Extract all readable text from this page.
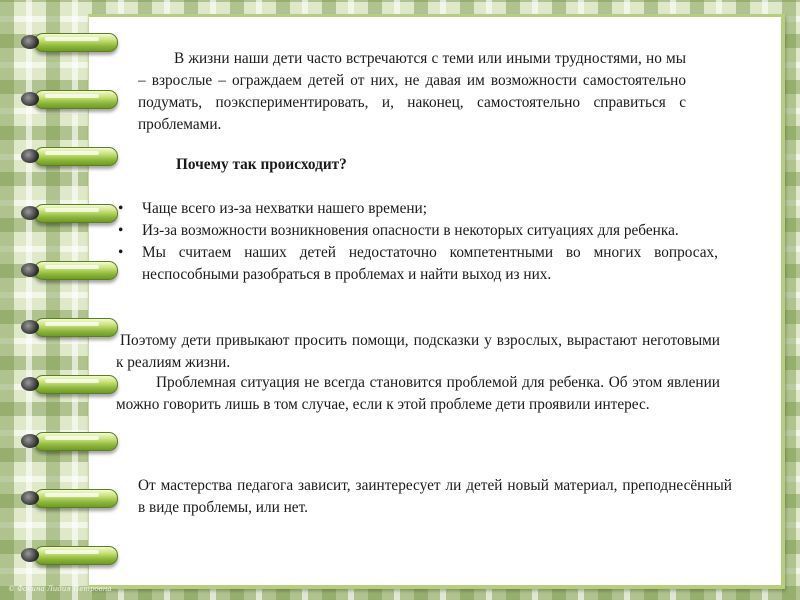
В жизни наши дети часто встречаются с теми или иными трудностями, но мы – взрослые – ограждаем детей от них, не давая им возможности самостоятельно подумать, поэкспериментировать, и, наконец, самостоятельно справиться с проблемами.

Почему так происходит?

• Чаще всего из-за нехватки нашего времени;
• Из-за возможности возникновения опасности в некоторых ситуациях для ребенка.
• Мы считаем наших детей недостаточно компетентными во многих вопросах, неспособными разобраться в проблемах и найти выход из них.

Поэтому дети привыкают просить помощи, подсказки у взрослых, вырастают неготовыми к реалиям жизни.

Проблемная ситуация не всегда становится проблемой для ребенка. Об этом явлении можно говорить лишь в том случае, если к этой проблеме дети проявили интерес.

От мастерства педагога зависит, заинтересует ли детей новый материал, преподнесённый в виде проблемы, или нет.

© Фокина Лидия Петровна
